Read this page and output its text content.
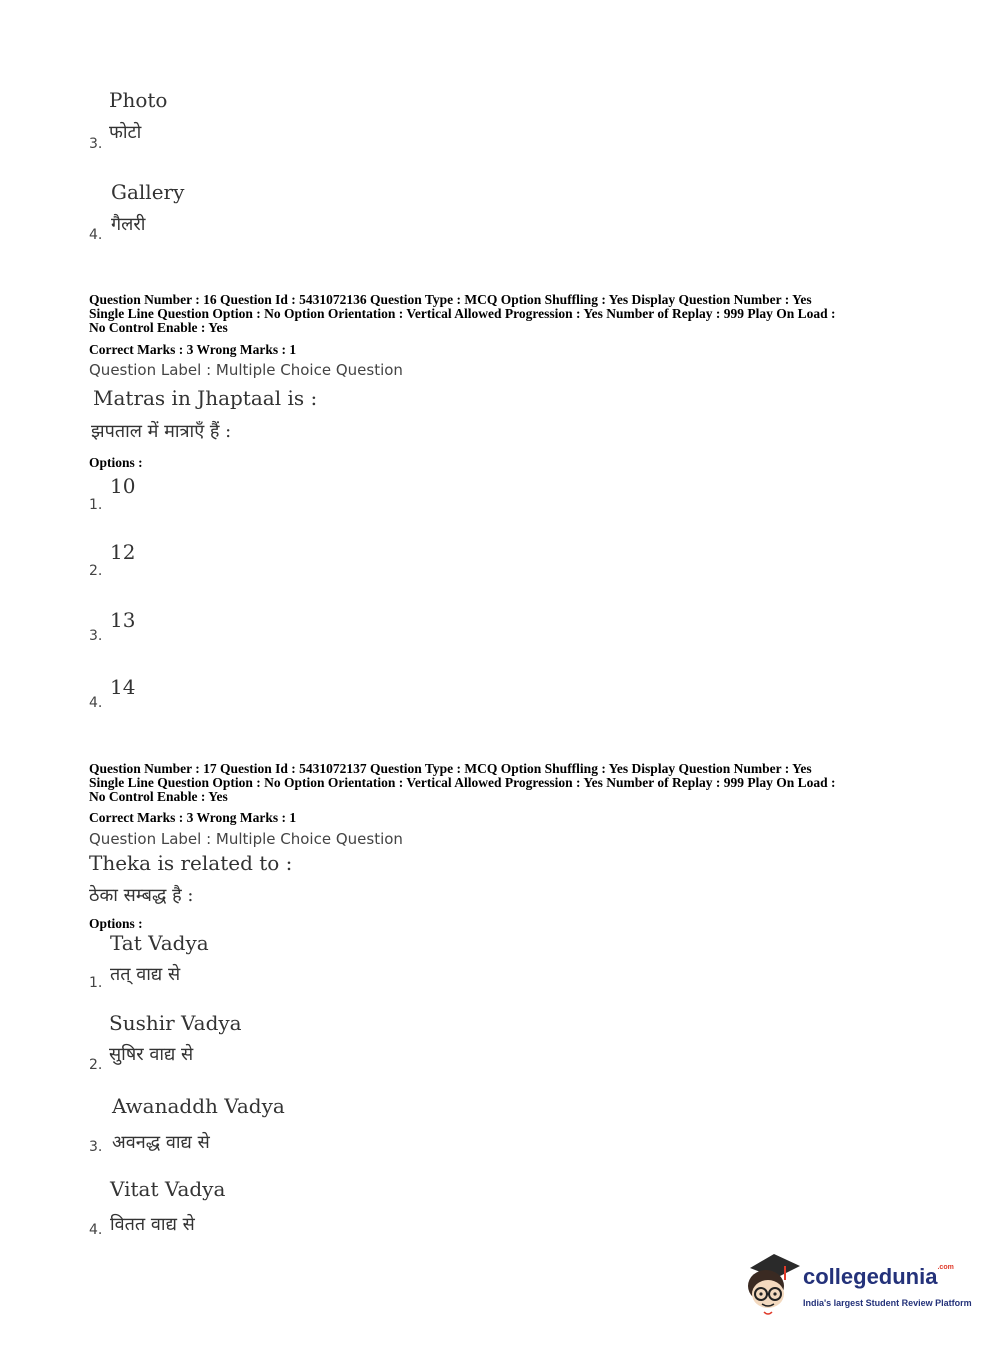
Photo
फोटो
3.
Gallery
गैलरी
4.
Question Number : 16 Question Id : 5431072136 Question Type : MCQ Option Shuffling : Yes Display Question Number : Yes
Single Line Question Option : No Option Orientation : Vertical Allowed Progression : Yes Number of Replay : 999 Play On Load :
No Control Enable : Yes
Correct Marks : 3 Wrong Marks : 1
Question Label : Multiple Choice Question
Matras in Jhaptaal is :
झपताल में मात्राएँ हैं :
Options :
10
1.
12
2.
13
3.
14
4.
Question Number : 17 Question Id : 5431072137 Question Type : MCQ Option Shuffling : Yes Display Question Number : Yes
Single Line Question Option : No Option Orientation : Vertical Allowed Progression : Yes Number of Replay : 999 Play On Load :
No Control Enable : Yes
Correct Marks : 3 Wrong Marks : 1
Question Label : Multiple Choice Question
Theka is related to :
ठेका सम्बद्ध है :
Options :
Tat Vadya
तत् वाद्य से
1.
Sushir Vadya
सुषिर वाद्य से
2.
Awanaddh Vadya
अवनद्ध वाद्य से
3.
Vitat Vadya
वितत वाद्य से
4.
collegedunia$^{.com}$
India's largest Student Review Platform
